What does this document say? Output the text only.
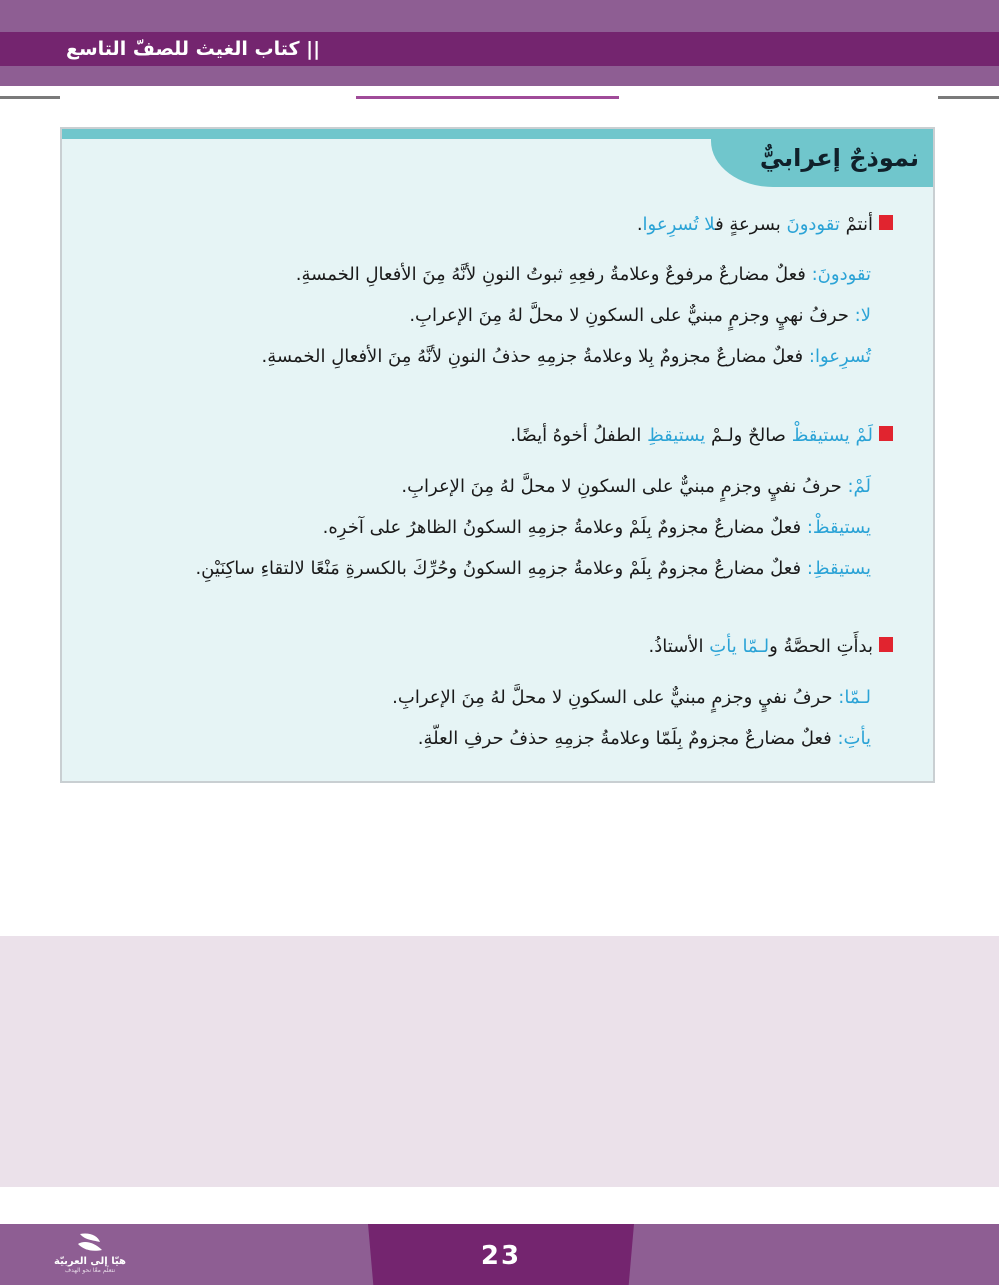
|| كتاب الغيث للصفّ التاسع
نموذجٌ إعرابيٌّ
أنتمْ تقودونَ بسرعةٍ فلا تُسرِعوا.
تقودونَ: فعلٌ مضارعٌ مرفوعٌ وعلامةُ رفعِهِ ثبوتُ النونِ لأنَّهُ مِنَ الأفعالِ الخمسةِ.
لا: حرفُ نهيٍ وجزمٍ مبنيٌّ على السكونِ لا محلَّ لهُ مِنَ الإعرابِ.
تُسرِعوا: فعلٌ مضارعٌ مجزومٌ بِلا وعلامةُ جزمِهِ حذفُ النونِ لأنَّهُ مِنَ الأفعالِ الخمسةِ.
لَمْ يستيقظْ صالحٌ ولـمْ يستيقظِ الطفلُ أخوهُ أيضًا.
لَمْ: حرفُ نفيٍ وجزمٍ مبنيٌّ على السكونِ لا محلَّ لهُ مِنَ الإعرابِ.
يستيقظْ: فعلٌ مضارعٌ مجزومٌ بِلَمْ وعلامةُ جزمِهِ السكونُ الظاهرُ على آخرِه.
يستيقظِ: فعلٌ مضارعٌ مجزومٌ بِلَمْ وعلامةُ جزمِهِ السكونُ وحُرِّكَ بالكسرةِ مَنْعًا لالتقاءِ ساكِنَيْنِ.
بدأَتِ الحصَّةُ ولـمّا يأتِ الأستاذُ.
لـمّا: حرفُ نفيٍ وجزمٍ مبنيٌّ على السكونِ لا محلَّ لهُ مِنَ الإعرابِ.
يأتِ: فعلٌ مضارعٌ مجزومٌ بِلَمّا وعلامةُ جزمِهِ حذفُ حرفِ العلّةِ.
23
هيّا إلى العربيّة
نتعلّم معًا نحو الهدف
